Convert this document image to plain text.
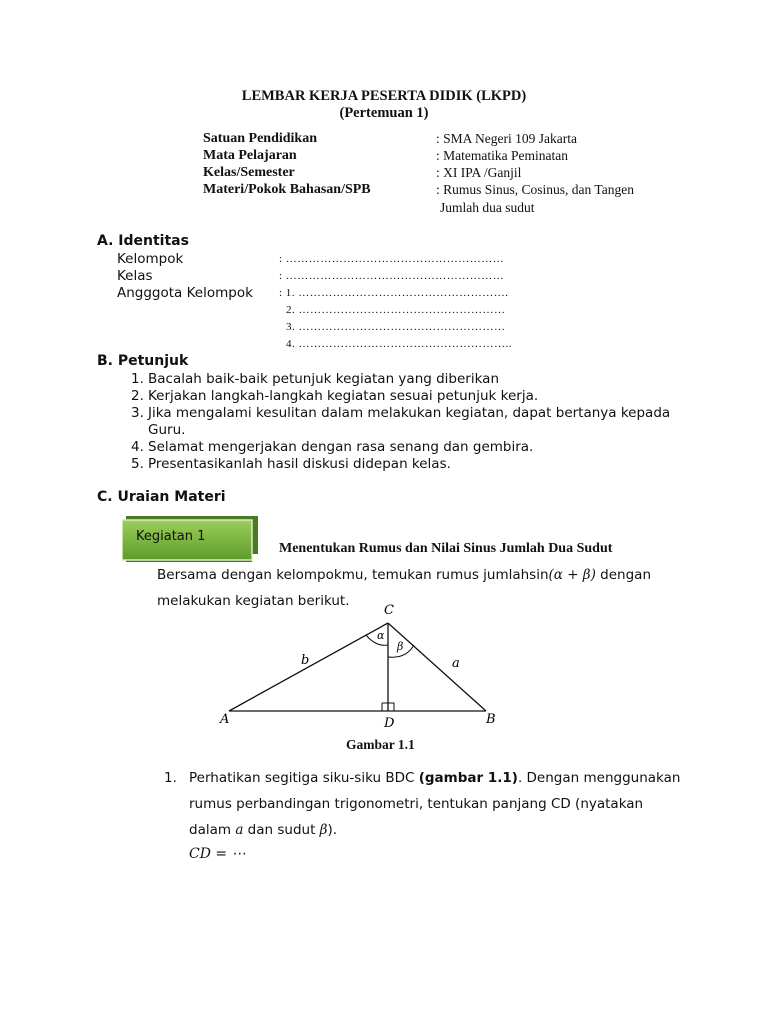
LEMBAR KERJA PESERTA DIDIK (LKPD)
(Pertemuan 1)
Satuan Pendidikan	: SMA Negeri 109 Jakarta
Mata Pelajaran	: Matematika Peminatan
Kelas/Semester	: XI IPA /Ganjil
Materi/Pokok Bahasan/SPB	: Rumus Sinus, Cosinus, dan Tangen
Jumlah dua sudut
A. Identitas
Kelompok	: …………………………………………………
Kelas	: …………………………………………………
Angggota Kelompok : 1. ……………………………………………….
2. ………………………………………………
3. ………………………………………………
4. ………………………………………………..
B. Petunjuk
1. Bacalah baik-baik petunjuk kegiatan yang diberikan
2. Kerjakan langkah-langkah kegiatan sesuai petunjuk kerja.
3. Jika mengalami kesulitan dalam melakukan kegiatan, dapat bertanya kepada
Guru.
4. Selamat mengerjakan dengan rasa senang dan gembira.
5. Presentasikanlah hasil diskusi didepan kelas.
C. Uraian Materi
Kegiatan 1
Menentukan Rumus dan Nilai Sinus Jumlah Dua Sudut
Bersama dengan kelompokmu, temukan rumus jumlahsin(α + β) dengan
melakukan kegiatan berikut.
C
A	B
D
b	a
α
β
Gambar 1.1
1. Perhatikan segitiga siku-siku BDC (gambar 1.1). Dengan menggunakan
rumus perbandingan trigonometri, tentukan panjang CD (nyatakan
dalam a dan sudut β).
CD = ⋯
